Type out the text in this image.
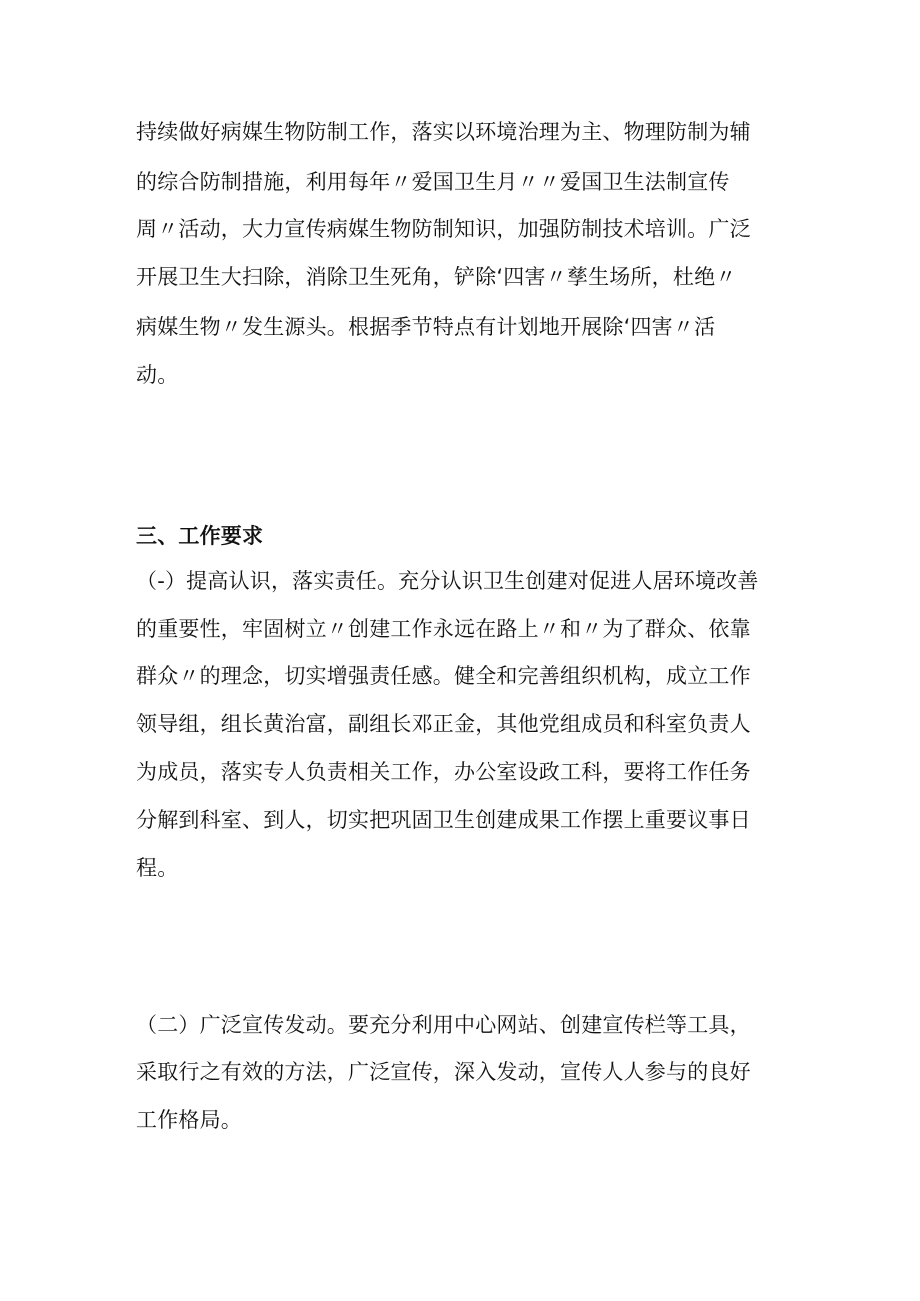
持续做好病媒生物防制工作，落实以环境治理为主、物理防制为辅
的综合防制措施，利用每年〃爱国卫生月〃〃爱国卫生法制宣传
周〃活动，大力宣传病媒生物防制知识，加强防制技术培训。广泛
开展卫生大扫除，消除卫生死角，铲除‘四害〃孳生场所，杜绝〃
病媒生物〃发生源头。根据季节特点有计划地开展除‘四害〃活
动。
三、工作要求
（-）提高认识，落实责任。充分认识卫生创建对促进人居环境改善
的重要性，牢固树立〃创建工作永远在路上〃和〃为了群众、依靠
群众〃的理念，切实增强责任感。健全和完善组织机构，成立工作
领导组，组长黄治富，副组长邓正金，其他党组成员和科室负责人
为成员，落实专人负责相关工作，办公室设政工科，要将工作任务
分解到科室、到人，切实把巩固卫生创建成果工作摆上重要议事日
程。
（二）广泛宣传发动。要充分利用中心网站、创建宣传栏等工具，
采取行之有效的方法，广泛宣传，深入发动，宣传人人参与的良好
工作格局。
